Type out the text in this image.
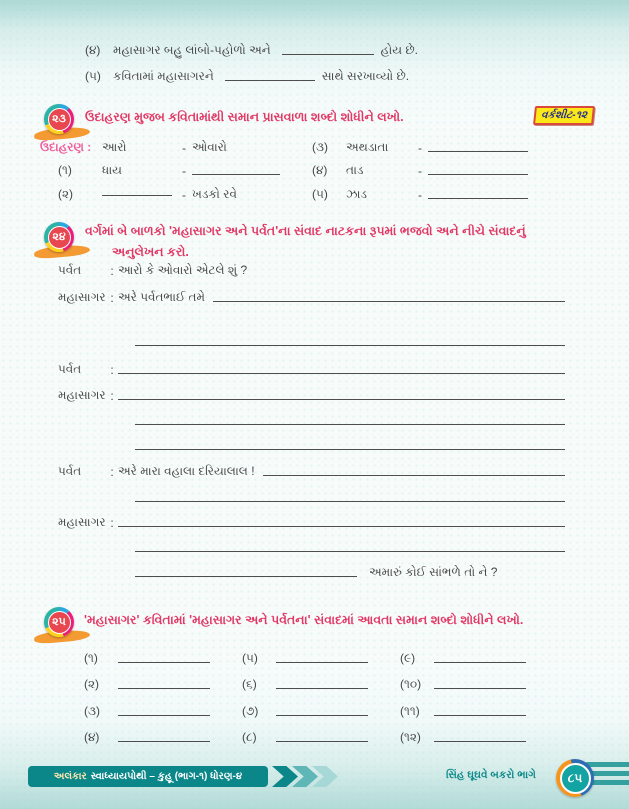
(૪)	મહાસાગર બહુ લાંબો-પહોળો અને	હોય છે.
(૫)	કવિતામાં મહાસાગરને	સાથે સરખાવ્યો છે.
૨૩	ઉદાહરણ મુજબ કવિતામાંથી સમાન પ્રાસવાળા શબ્દો શોધીને લખો.	વર્કશીટ-૧૨
ઉદાહરણ : આરો	- ઓવારો	(૩)	અથડાતા	-
(૧)	ધાય	-	(૪)	તાડ	-
(૨)	- ખડકો રવે	(૫)	ઝાડ	-
૨૪	વર્ગમાં બે બાળકો 'મહાસાગર અને પર્વત'ના સંવાદ નાટકના રૂપમાં ભજવો અને નીચે સંવાદનું
અનુલેખન કરો.
પર્વત	: આરો કે ઓવારો એટલે શું ?
મહાસાગર : અરે પર્વતભાઈ તમે
પર્વત	:
મહાસાગર :
પર્વત	: અરે મારા વહાલા દરિયાલાલ !
મહાસાગર :
અમારું કોઈ સાંભળે તો ને ?
૨૫	'મહાસાગર' કવિતામાં 'મહાસાગર અને પર્વતના' સંવાદમાં આવતા સમાન શબ્દો શોધીને લખો.
(૧)	(૫)	(૯)
(૨)	(૬)	(૧૦)
(૩)	(૭)	(૧૧)
(૪)	(૮)	(૧૨)
અલંકાર સ્વાધ્યાયપોથી – કુહૂ (ભાગ-૧) ધોરણ-૪	સિંહ ઘૂઘવે બકરો ભાગે	૮૫
